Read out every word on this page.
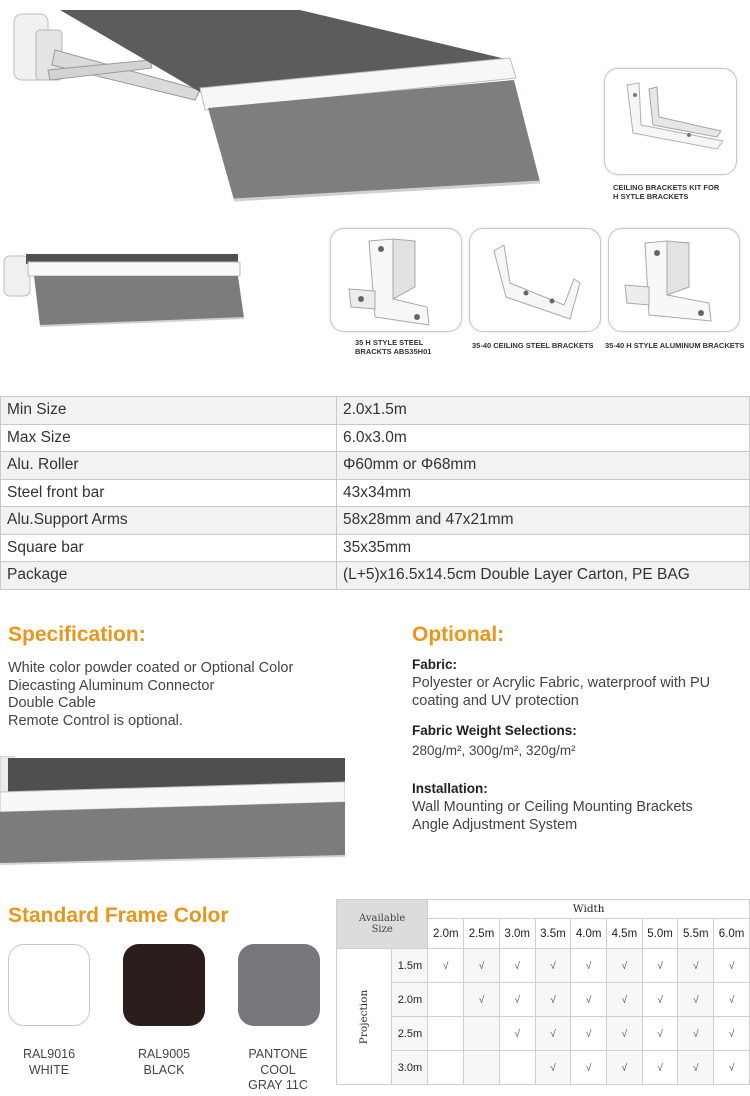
CEILING BRACKETS KIT FOR
H SYTLE BRACKETS
35 H STYLE STEEL
BRACKTS ABS35H01
35-40 CEILING STEEL BRACKETS 35-40 H STYLE ALUMINUM BRACKETS
Min Size	2.0x1.5m
Max Size	6.0x3.0m
Alu. Roller	Φ60mm or Φ68mm
Steel front bar	43x34mm
Alu.Support Arms	58x28mm and 47x21mm
Square bar	35x35mm
Package	(L+5)x16.5x14.5cm Double Layer Carton, PE BAG
Specification:
White color powder coated or Optional Color
Diecasting Aluminum Connector
Double Cable
Remote Control is optional.
Optional:
Fabric:
Polyester or Acrylic Fabric, waterproof with PU
coating and UV protection
Fabric Weight Selections:
280g/m², 300g/m², 320g/m²
Installation:
Wall Mounting or Ceiling Mounting Brackets
Angle Adjustment System
Standard Frame Color
RAL9016
WHITE
RAL9005
BLACK
PANTONE
COOL
GRAY 11C
Available
Size		Width								
		2.0m	2.5m	3.0m	3.5m	4.0m	4.5m	5.0m	5.5m	6.0m
Projection	1.5m	√	√	√	√	√	√	√	√	√
	2.0m		√	√	√	√	√	√	√	√
	2.5m			√	√	√	√	√	√	√
	3.0m				√	√	√	√	√	√
